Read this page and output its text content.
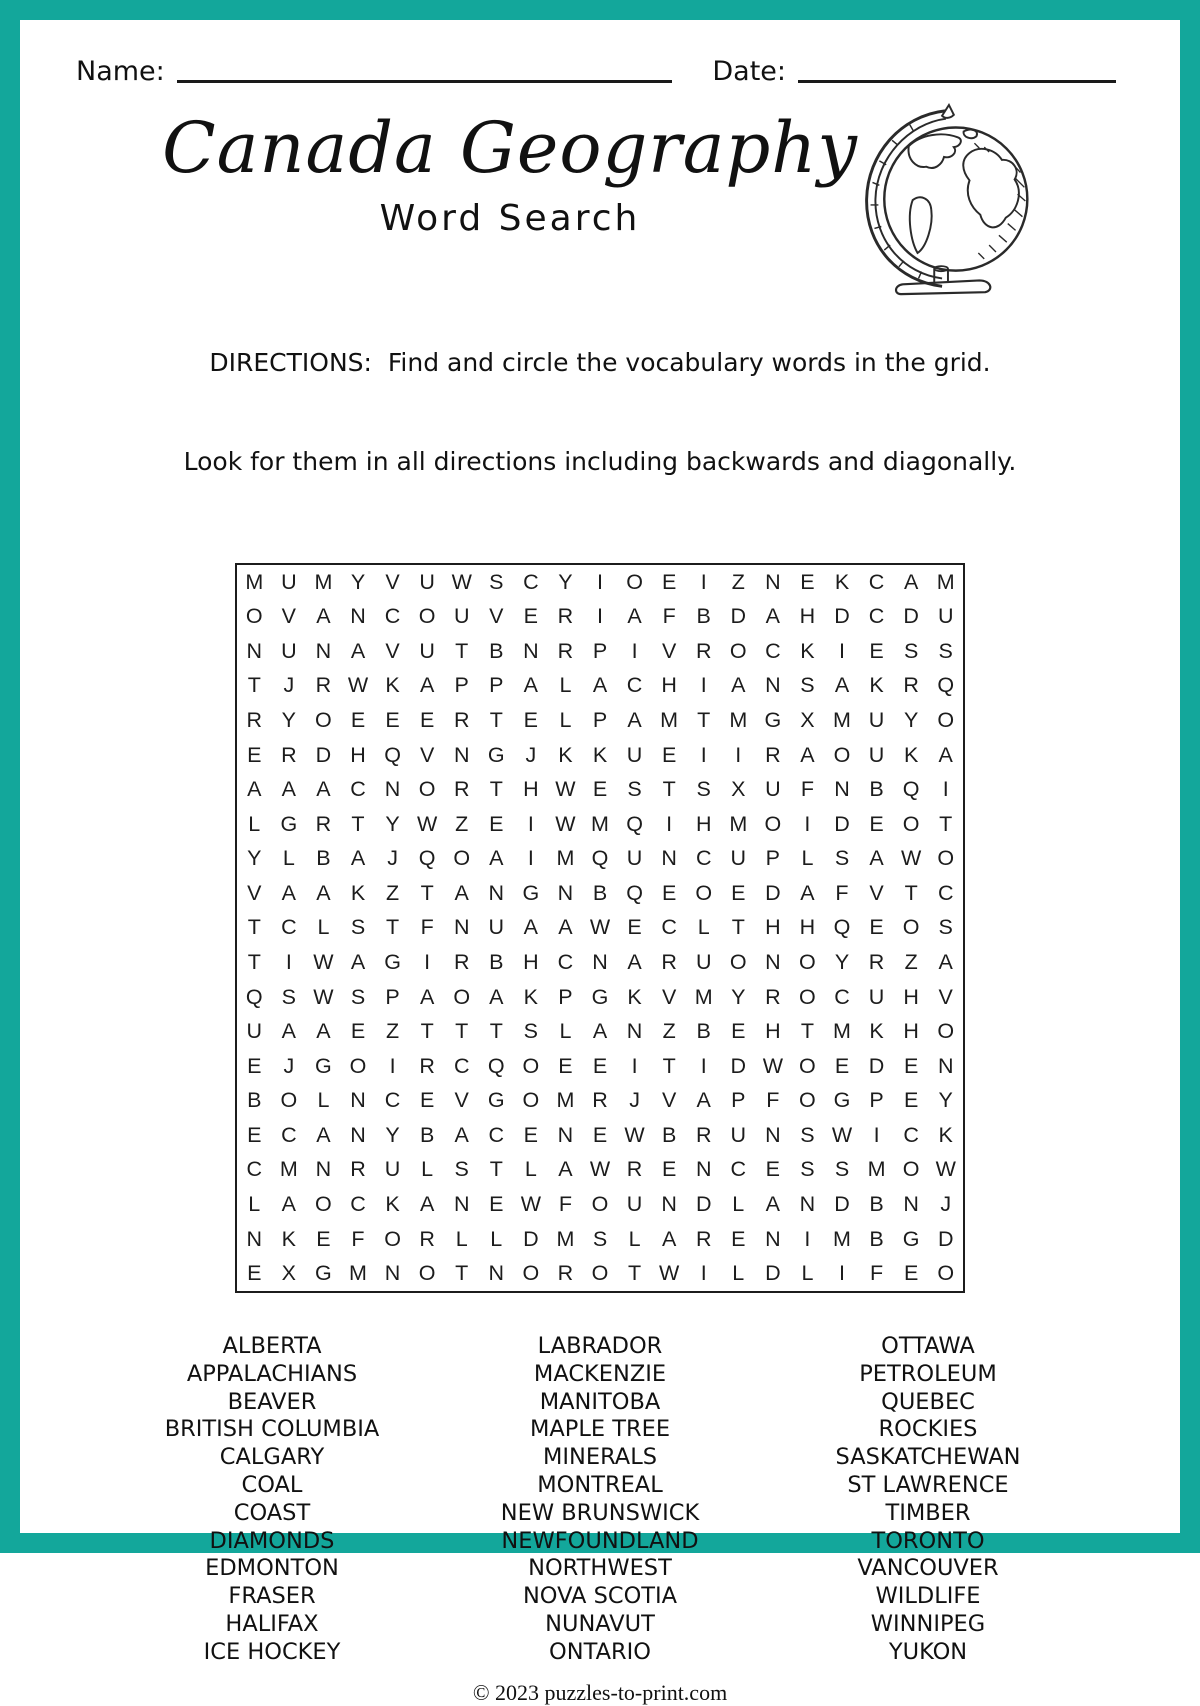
Name:	Date:
Canada Geography
Word Search

DIRECTIONS:  Find and circle the vocabulary words in the grid.

Look for them in all directions including backwards and diagonally.

M U M Y V U W S C Y	I	O E	I	Z N E K C A M
O V A N C O U V E R	I	A F B D A H D C D U
N U N A V U T B N R P	I	V R O C K	I	E S S
T	J R W K A P P A L A C H	I	A N S A K R Q
R Y O E E E R T E L P A M T M G X M U Y O
E R D H Q V N G J	K K U E	I	I	R A O U K A
A A A C N O R T H W E S T S X U F N B Q	I
L G R T Y W Z E	I W M Q	I	H M O	I	D E O T
Y L B A	J Q O A	I	M Q U N C U P L S A W O
V A A K Z T A N G N B Q E O E D A F V T C
T C L S T F N U A A W E C L	T H H Q E O S
T	I W A G	I	R B H C N A R U O N O Y R Z A
Q S W S P A O A K P G K V M Y R O C U H V
U A A E Z T T T S L A N Z B E H T M K H O
E	J G O	I	R C Q O E E	I	T	I	D W O E D E N
B O L N C E V G O M R J	V A P F O G P E Y
E C A N Y B A C E N E W B R U N S W I	C K
C M N R U L S T	L A W R E N C E S S M O W
L A O C K A N E W F O U N D L A N D B N J
N K E F O R L	L D M S L A R E N	I	M B G D
E X G M N O T N O R O T W I	L D L	I	F E O
ALBERTA
APPALACHIANS
BEAVER
BRITISH COLUMBIA
CALGARY
COAL
COAST
DIAMONDS
EDMONTON
FRASER
HALIFAX
ICE HOCKEY
LABRADOR
MACKENZIE
MANITOBA
MAPLE TREE
MINERALS
MONTREAL
NEW BRUNSWICK
NEWFOUNDLAND
NORTHWEST
NOVA SCOTIA
NUNAVUT
ONTARIO
OTTAWA
PETROLEUM
QUEBEC
ROCKIES
SASKATCHEWAN
ST LAWRENCE
TIMBER
TORONTO
VANCOUVER
WILDLIFE
WINNIPEG
YUKON
© 2023 puzzles-to-print.com
